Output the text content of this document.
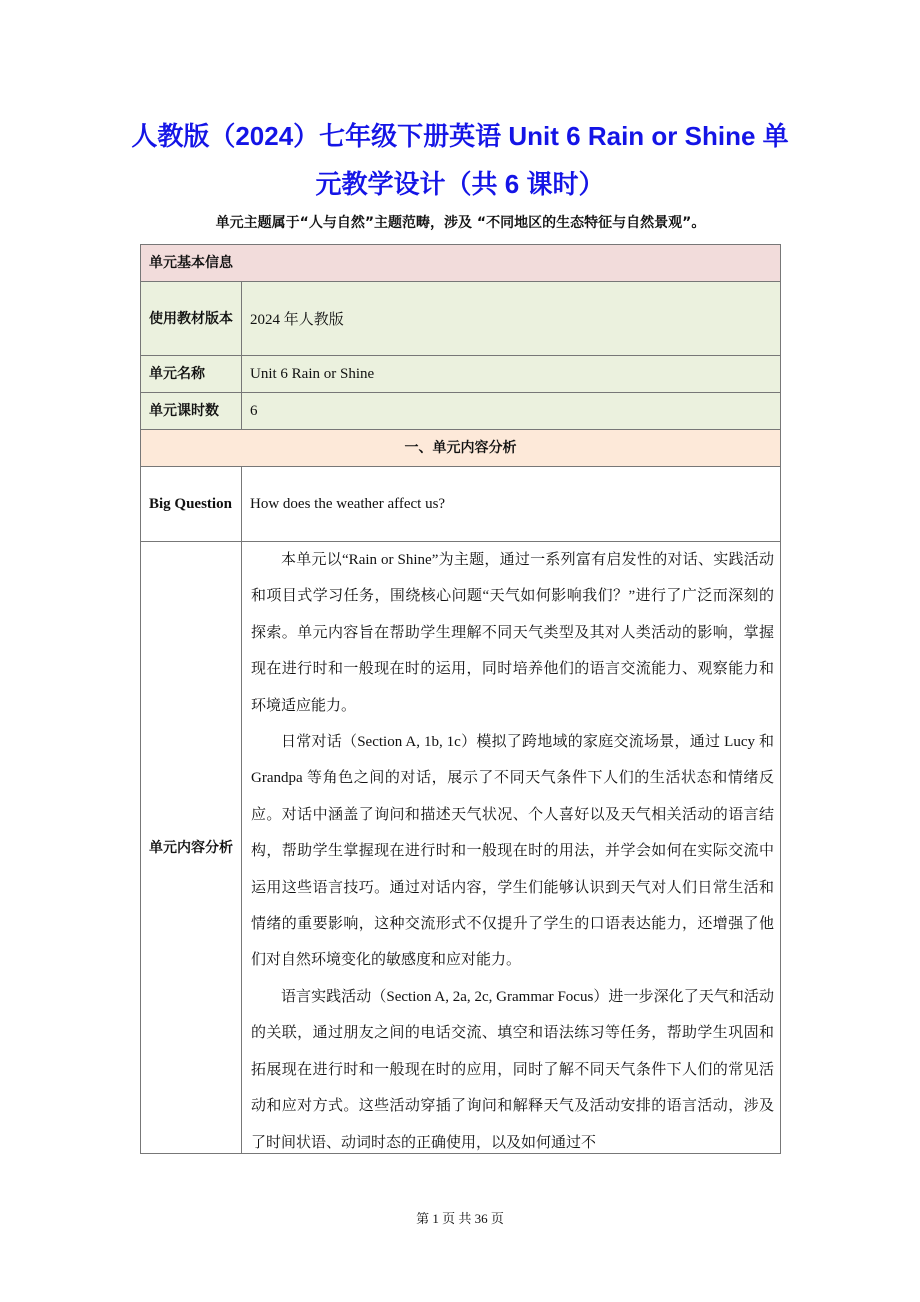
人教版（2024）七年级下册英语 Unit 6 Rain or Shine 单元教学设计（共 6 课时）
单元主题属于“人与自然”主题范畴，涉及 “不同地区的生态特征与自然景观”。
单元基本信息	
使用教材版本	2024 年人教版
单元名称	Unit 6 Rain or Shine
单元课时数	6
一、单元内容分析	
Big Question	How does the weather affect us?
单元内容分析	本单元以“Rain or Shine”为主题，通过一系列富有启发性的对话、实践活动和项目式学习任务，围绕核心问题“天气如何影响我们？”进行了广泛而深刻的探索。单元内容旨在帮助学生理解不同天气类型及其对人类活动的影响，掌握现在进行时和一般现在时的运用，同时培养他们的语言交流能力、观察能力和环境适应能力。

日常对话（Section A, 1b, 1c）模拟了跨地域的家庭交流场景，通过 Lucy 和 Grandpa 等角色之间的对话，展示了不同天气条件下人们的生活状态和情绪反应。对话中涵盖了询问和描述天气状况、个人喜好以及天气相关活动的语言结构，帮助学生掌握现在进行时和一般现在时的用法，并学会如何在实际交流中运用这些语言技巧。通过对话内容，学生们能够认识到天气对人们日常生活和情绪的重要影响，这种交流形式不仅提升了学生的口语表达能力，还增强了他们对自然环境变化的敏感度和应对能力。

语言实践活动（Section A, 2a, 2c, Grammar Focus）进一步深化了天气和活动的关联，通过朋友之间的电话交流、填空和语法练习等任务，帮助学生巩固和拓展现在进行时和一般现在时的应用，同时了解不同天气条件下人们的常见活动和应对方式。这些活动穿插了询问和解释天气及活动安排的语言活动，涉及了时间状语、动词时态的正确使用，以及如何通过不

第 1 页 共 36 页
